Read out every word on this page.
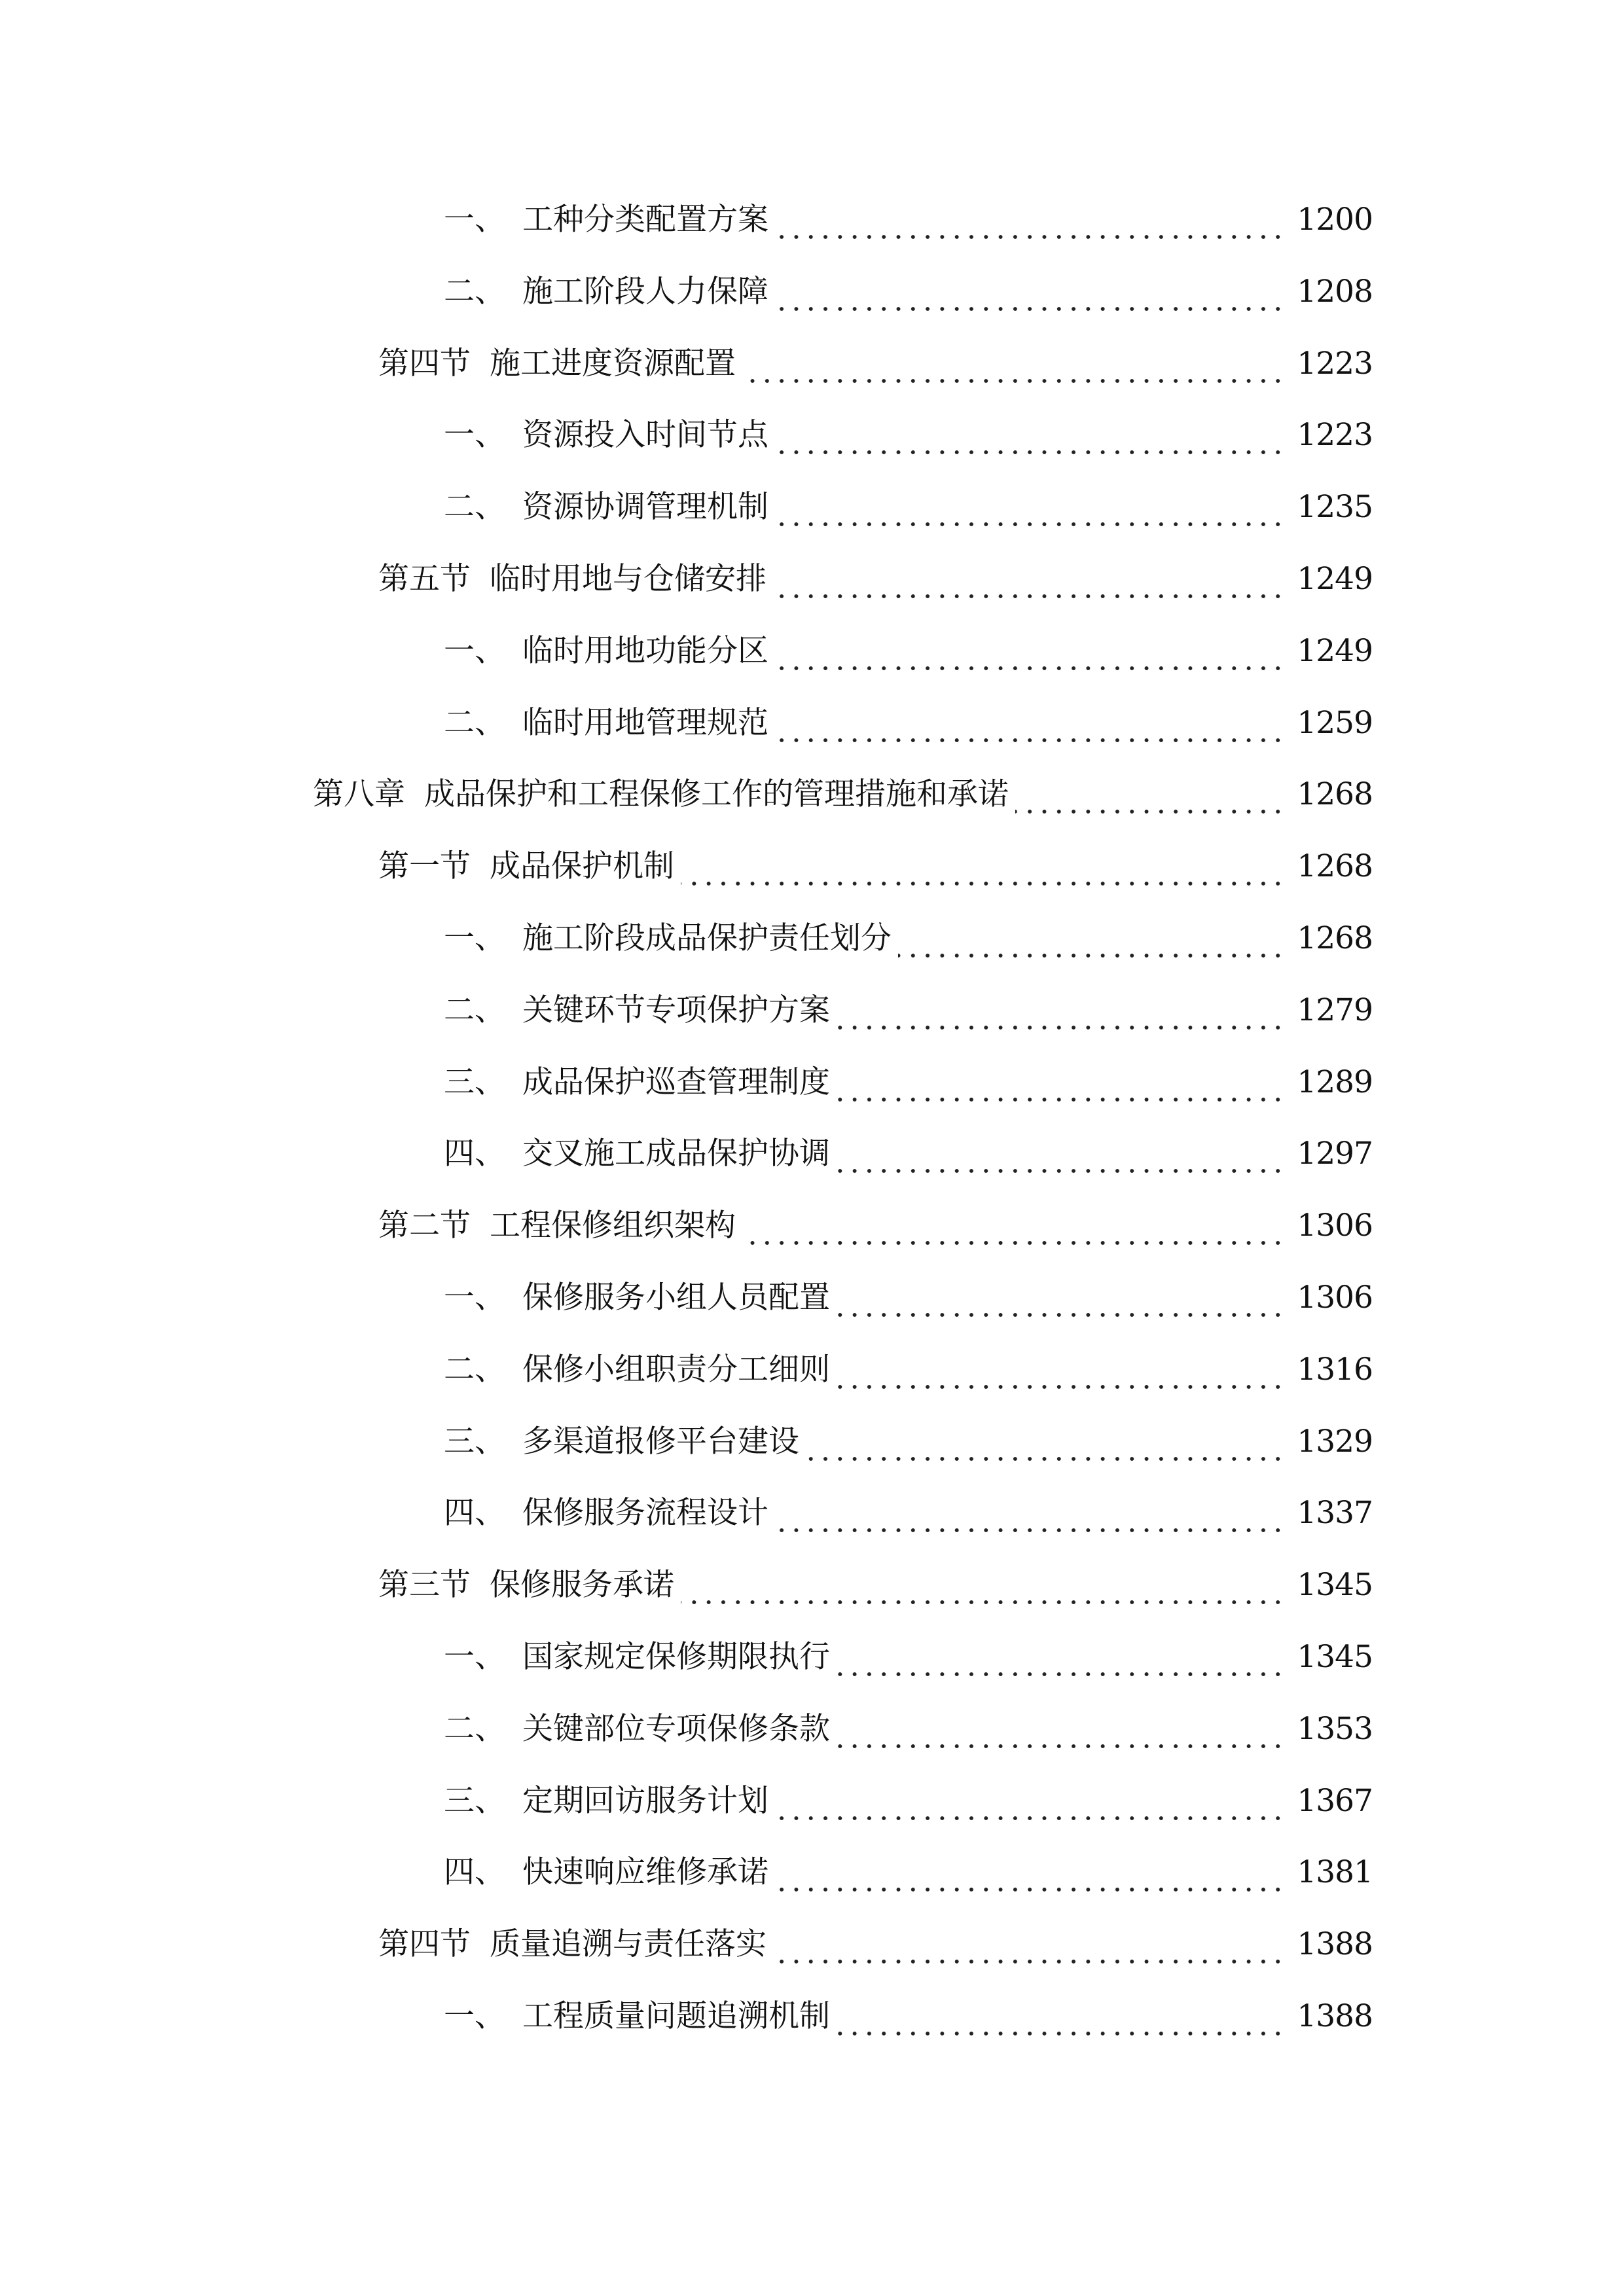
一、 工种分类配置方案	1200
二、 施工阶段人力保障	1208
第四节 施工进度资源配置	1223
一、 资源投入时间节点	1223
二、 资源协调管理机制	1235
第五节 临时用地与仓储安排	1249
一、 临时用地功能分区	1249
二、 临时用地管理规范	1259
第八章 成品保护和工程保修工作的管理措施和承诺	1268
第一节 成品保护机制	1268
一、 施工阶段成品保护责任划分	1268
二、 关键环节专项保护方案	1279
三、 成品保护巡查管理制度	1289
四、 交叉施工成品保护协调	1297
第二节 工程保修组织架构	1306
一、 保修服务小组人员配置	1306
二、 保修小组职责分工细则	1316
三、 多渠道报修平台建设	1329
四、 保修服务流程设计	1337
第三节 保修服务承诺	1345
一、 国家规定保修期限执行	1345
二、 关键部位专项保修条款	1353
三、 定期回访服务计划	1367
四、 快速响应维修承诺	1381
第四节 质量追溯与责任落实	1388
一、 工程质量问题追溯机制	1388
